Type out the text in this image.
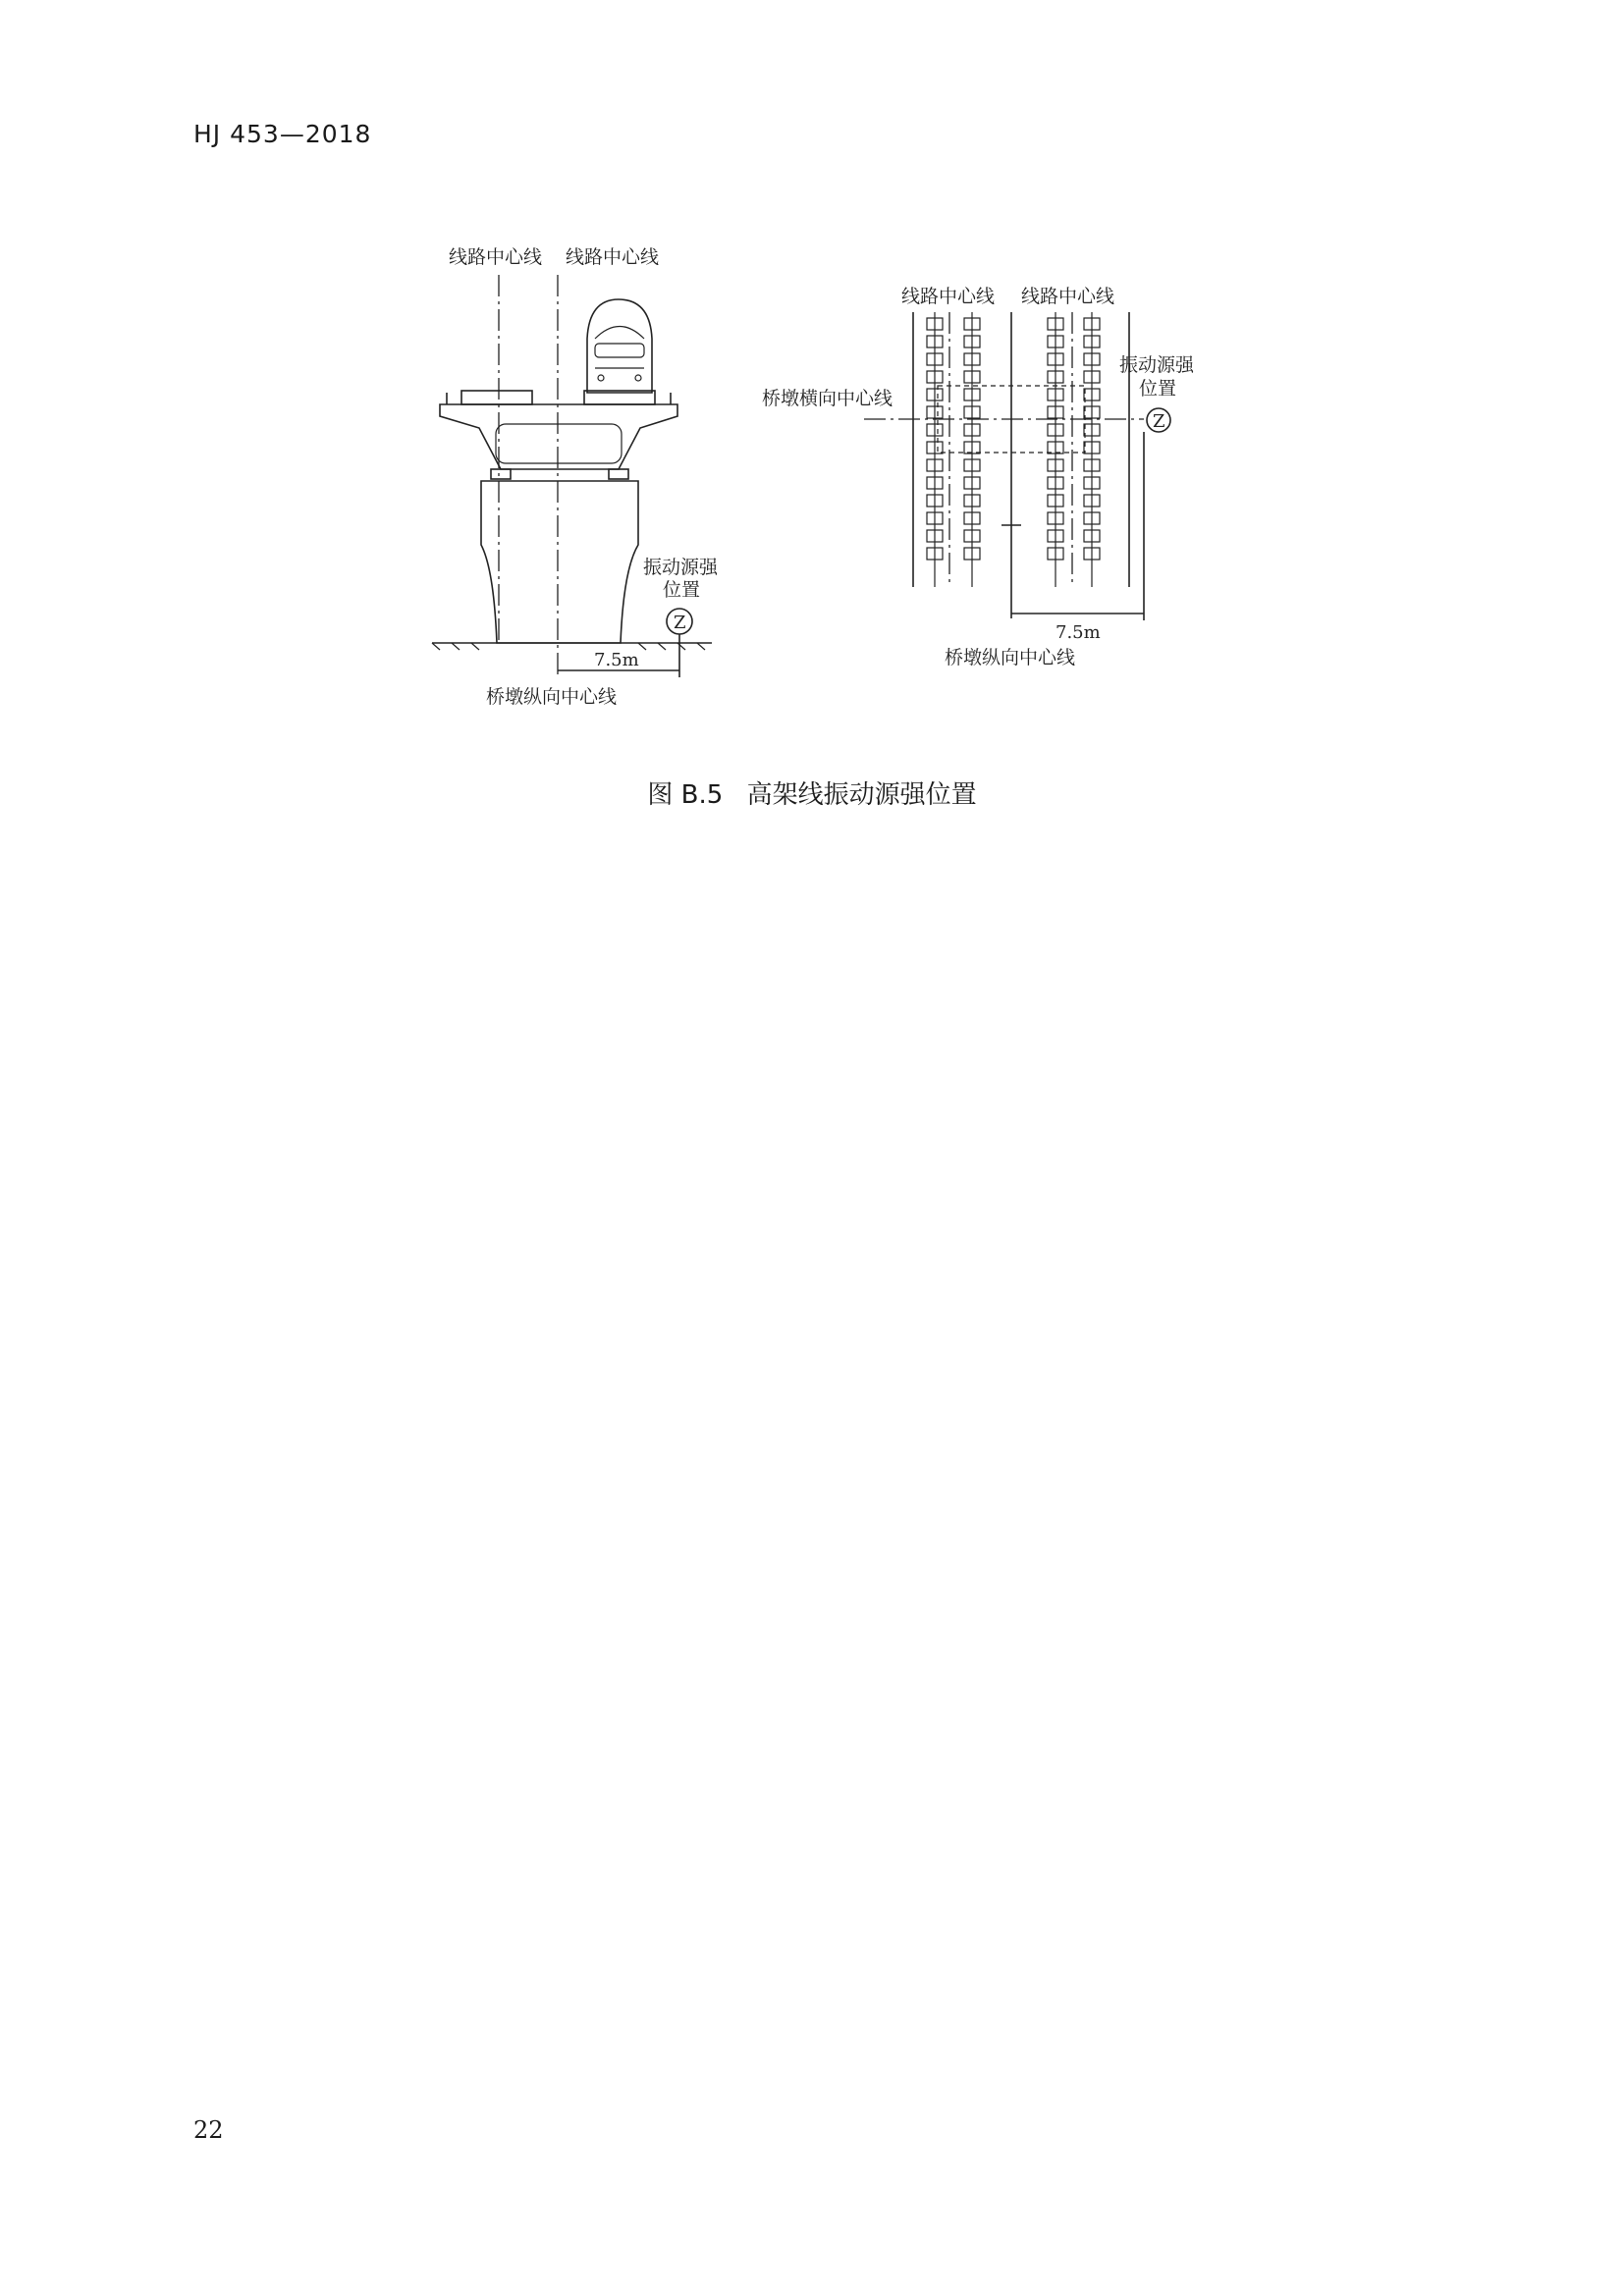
HJ 453—2018
线路中心线 线路中心线
振动源强
位置
Z
7.5m
桥墩纵向中心线
线路中心线 线路中心线
桥墩横向中心线
振动源强
位置
Z
7.5m
桥墩纵向中心线
图 B.5 高架线振动源强位置
22
